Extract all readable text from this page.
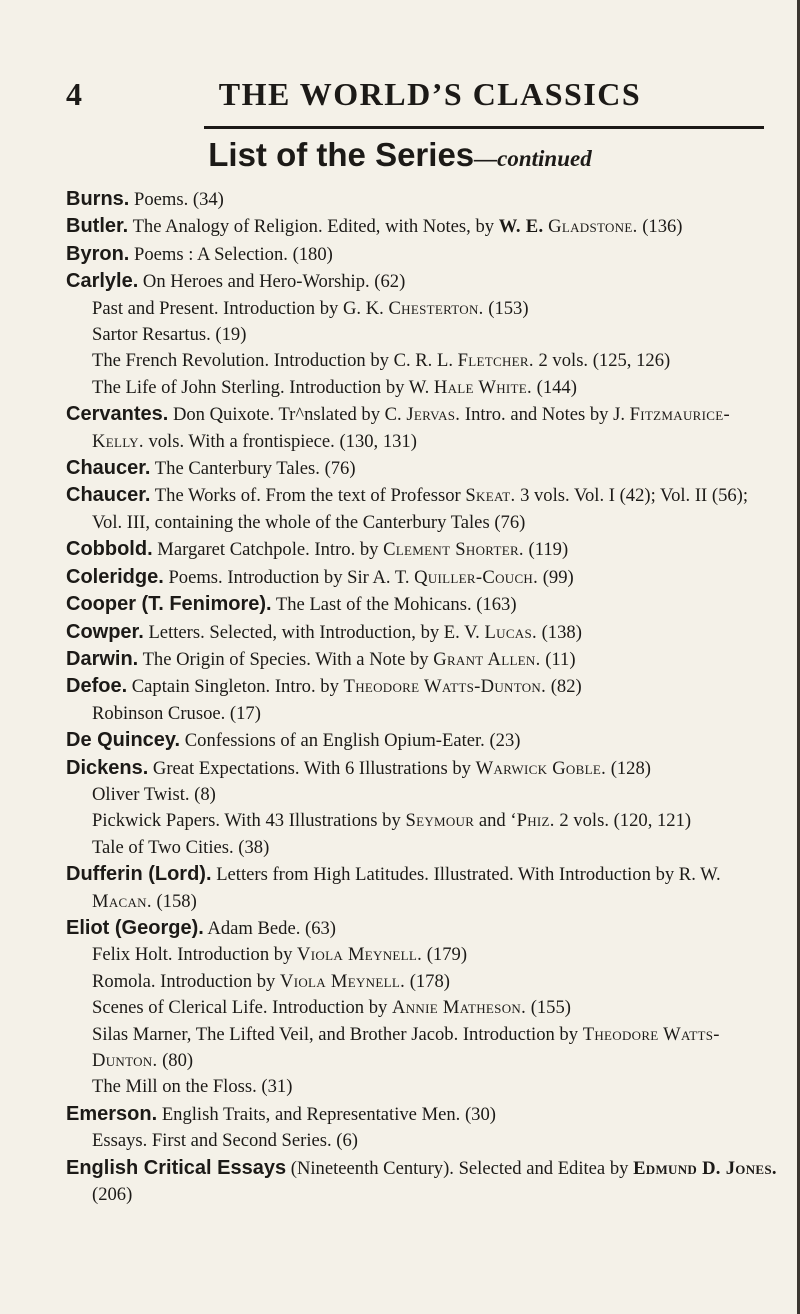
4	THE WORLD’S CLASSICS
List of the Series—continued
Burns. Poems. (34)
Butler. The Analogy of Religion. Edited, with Notes, by W. E. Gladstone. (136)
Byron. Poems : A Selection. (180)
Carlyle. On Heroes and Hero-Worship. (62)
Past and Present. Introduction by G. K. Chesterton. (153)
Sartor Resartus. (19)
The French Revolution. Introduction by C. R. L. Fletcher. 2 vols. (125, 126)
The Life of John Sterling. Introduction by W. Hale White. (144)
Cervantes. Don Quixote. Tr^nslated by C. Jervas. Intro. and Notes by J. Fitzmaurice-Kelly. vols. With a frontispiece. (130, 131)
Chaucer. The Canterbury Tales. (76)
Chaucer. The Works of. From the text of Professor Skeat. 3 vols. Vol. I (42); Vol. II (56); Vol. III, containing the whole of the Canterbury Tales (76)
Cobbold. Margaret Catchpole. Intro. by Clement Shorter. (119)
Coleridge. Poems. Introduction by Sir A. T. Quiller-Couch. (99)
Cooper (T. Fenimore). The Last of the Mohicans. (163)
Cowper. Letters. Selected, with Introduction, by E. V. Lucas. (138)
Darwin. The Origin of Species. With a Note by Grant Allen. (11)
Defoe. Captain Singleton. Intro. by Theodore Watts-Dunton. (82)
Robinson Crusoe. (17)
De Quincey. Confessions of an English Opium-Eater. (23)
Dickens. Great Expectations. With 6 Illustrations by Warwick Goble. (128)
Oliver Twist. (8)
Pickwick Papers. With 43 Illustrations by Seymour and ‘Phiz. 2 vols. (120, 121)
Tale of Two Cities. (38)
Dufferin (Lord). Letters from High Latitudes. Illustrated. With Introduction by R. W. Macan. (158)
Eliot (George). Adam Bede. (63)
Felix Holt. Introduction by Viola Meynell. (179)
Romola. Introduction by Viola Meynell. (178)
Scenes of Clerical Life. Introduction by Annie Matheson. (155)
Silas Marner, The Lifted Veil, and Brother Jacob. Introduction by Theodore Watts-Dunton. (80)
The Mill on the Floss. (31)
Emerson. English Traits, and Representative Men. (30)
Essays. First and Second Series. (6)
English Critical Essays (Nineteenth Century). Selected and Editea by Edmund D. Jones. (206)
